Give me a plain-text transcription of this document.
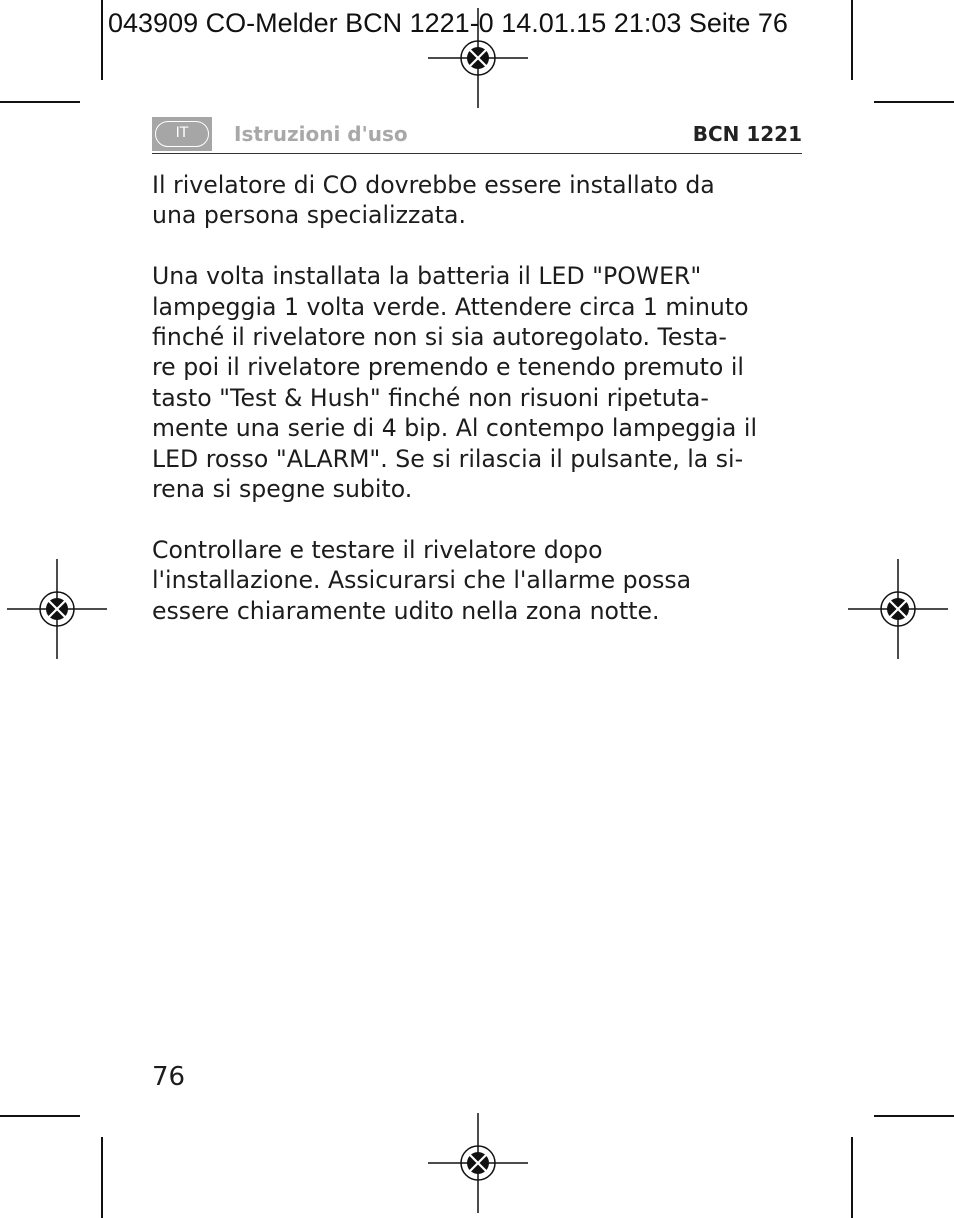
043909 CO-Melder BCN 1221-0 14.01.15 21:03 Seite 76
IT	Istruzioni d'uso	BCN 1221

Il rivelatore di CO dovrebbe essere installato da
una persona specializzata.

Una volta installata la batteria il LED "POWER"
lampeggia 1 volta verde. Attendere circa 1 minuto
finché il rivelatore non si sia autoregolato. Testa-
re poi il rivelatore premendo e tenendo premuto il
tasto "Test & Hush" finché non risuoni ripetuta-
mente una serie di 4 bip. Al contempo lampeggia il
LED rosso "ALARM". Se si rilascia il pulsante, la si-
rena si spegne subito.

Controllare e testare il rivelatore dopo
l'installazione. Assicurarsi che l'allarme possa
essere chiaramente udito nella zona notte.

76
